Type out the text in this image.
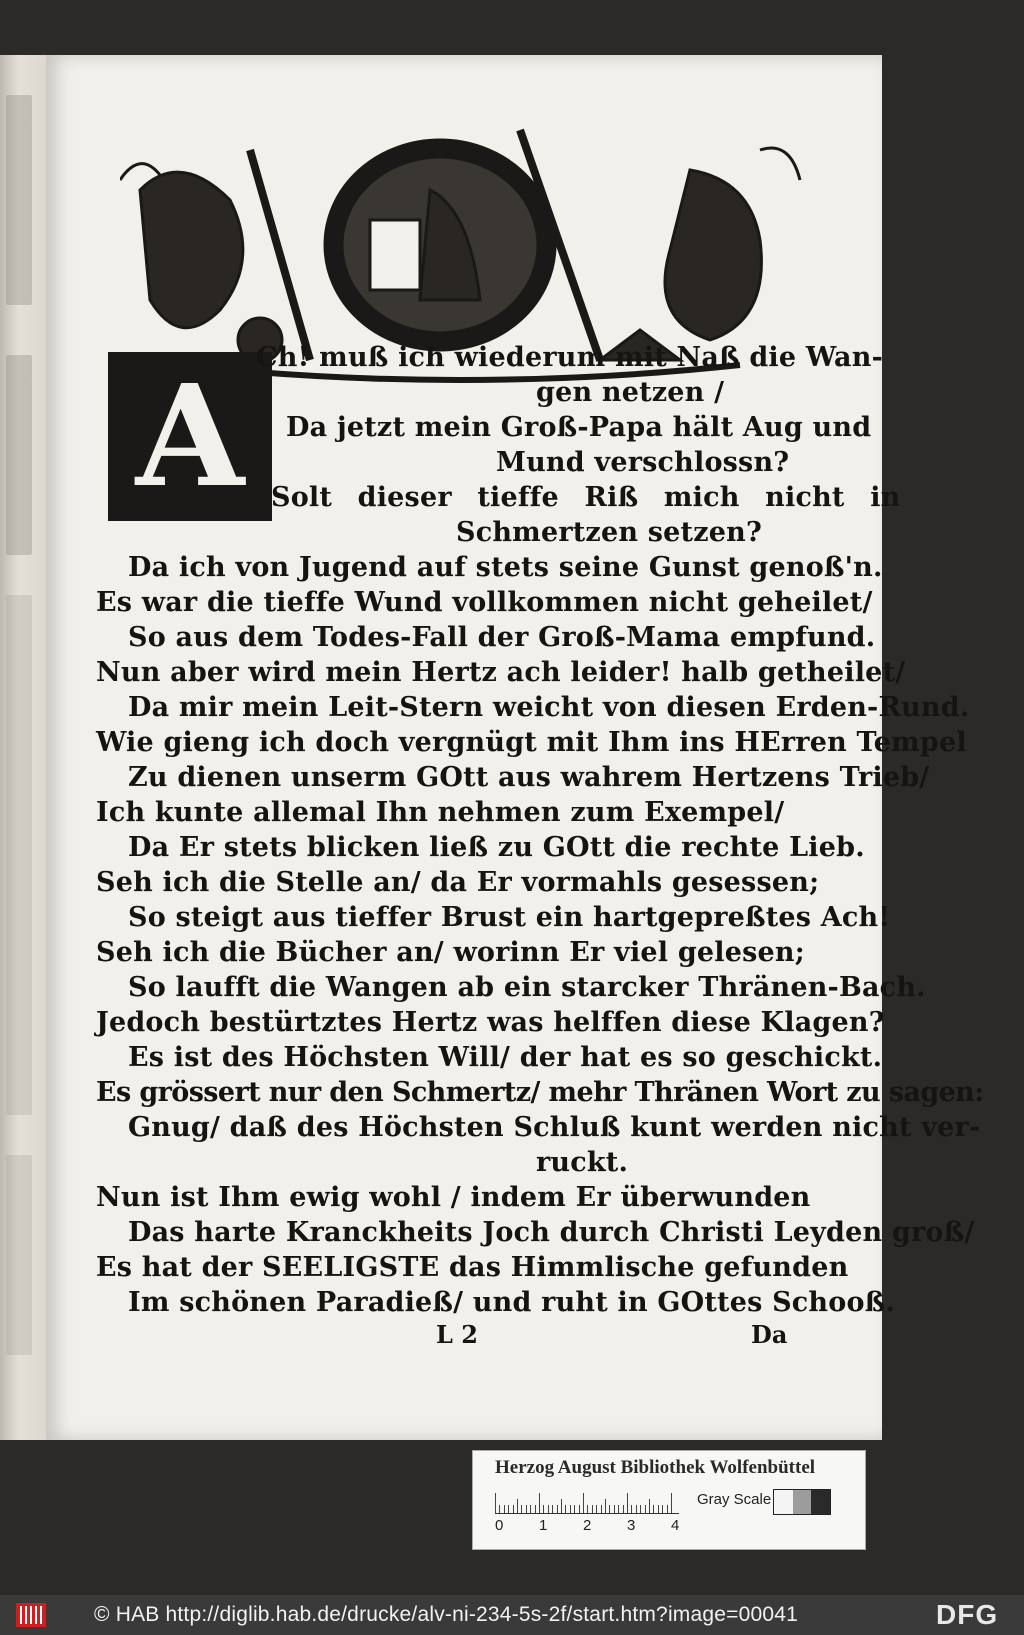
A Ch! muß ich wiederum mit Naß die Wan-
gen netzen /
Da jetzt mein Groß-Papa hält Aug und
Mund verschlossn?
Solt dieser tieffe Riß mich nicht in
Schmertzen setzen?
Da ich von Jugend auf stets seine Gunst genoß'n.
Es war die tieffe Wund vollkommen nicht geheilet/
So aus dem Todes-Fall der Groß-Mama empfund.
Nun aber wird mein Hertz ach leider! halb getheilet/
Da mir mein Leit-Stern weicht von diesen Erden-Rund.
Wie gieng ich doch vergnügt mit Ihm ins HErren Tempel
Zu dienen unserm GOtt aus wahrem Hertzens Trieb/
Ich kunte allemal Ihn nehmen zum Exempel/
Da Er stets blicken ließ zu GOtt die rechte Lieb.
Seh ich die Stelle an/ da Er vormahls gesessen;
So steigt aus tieffer Brust ein hartgepreßtes Ach!
Seh ich die Bücher an/ worinn Er viel gelesen;
So laufft die Wangen ab ein starcker Thränen-Bach.
Jedoch bestürtztes Hertz was helffen diese Klagen?
Es ist des Höchsten Will/ der hat es so geschickt.
Es grössert nur den Schmertz/ mehr Thränen Wort zu sagen:
Gnug/ daß des Höchsten Schluß kunt werden nicht ver-
ruckt.
Nun ist Ihm ewig wohl / indem Er überwunden
Das harte Kranckheits Joch durch Christi Leyden groß/
Es hat der SEELIGSTE das Himmlische gefunden
Im schönen Paradieß/ und ruht in GOttes Schooß.
L 2	Da
Herzog August Bibliothek Wolfenbüttel
0 1 2 3 4
Gray Scale
© HAB http://diglib.hab.de/drucke/alv-ni-234-5s-2f/start.htm?image=00041	DFG
